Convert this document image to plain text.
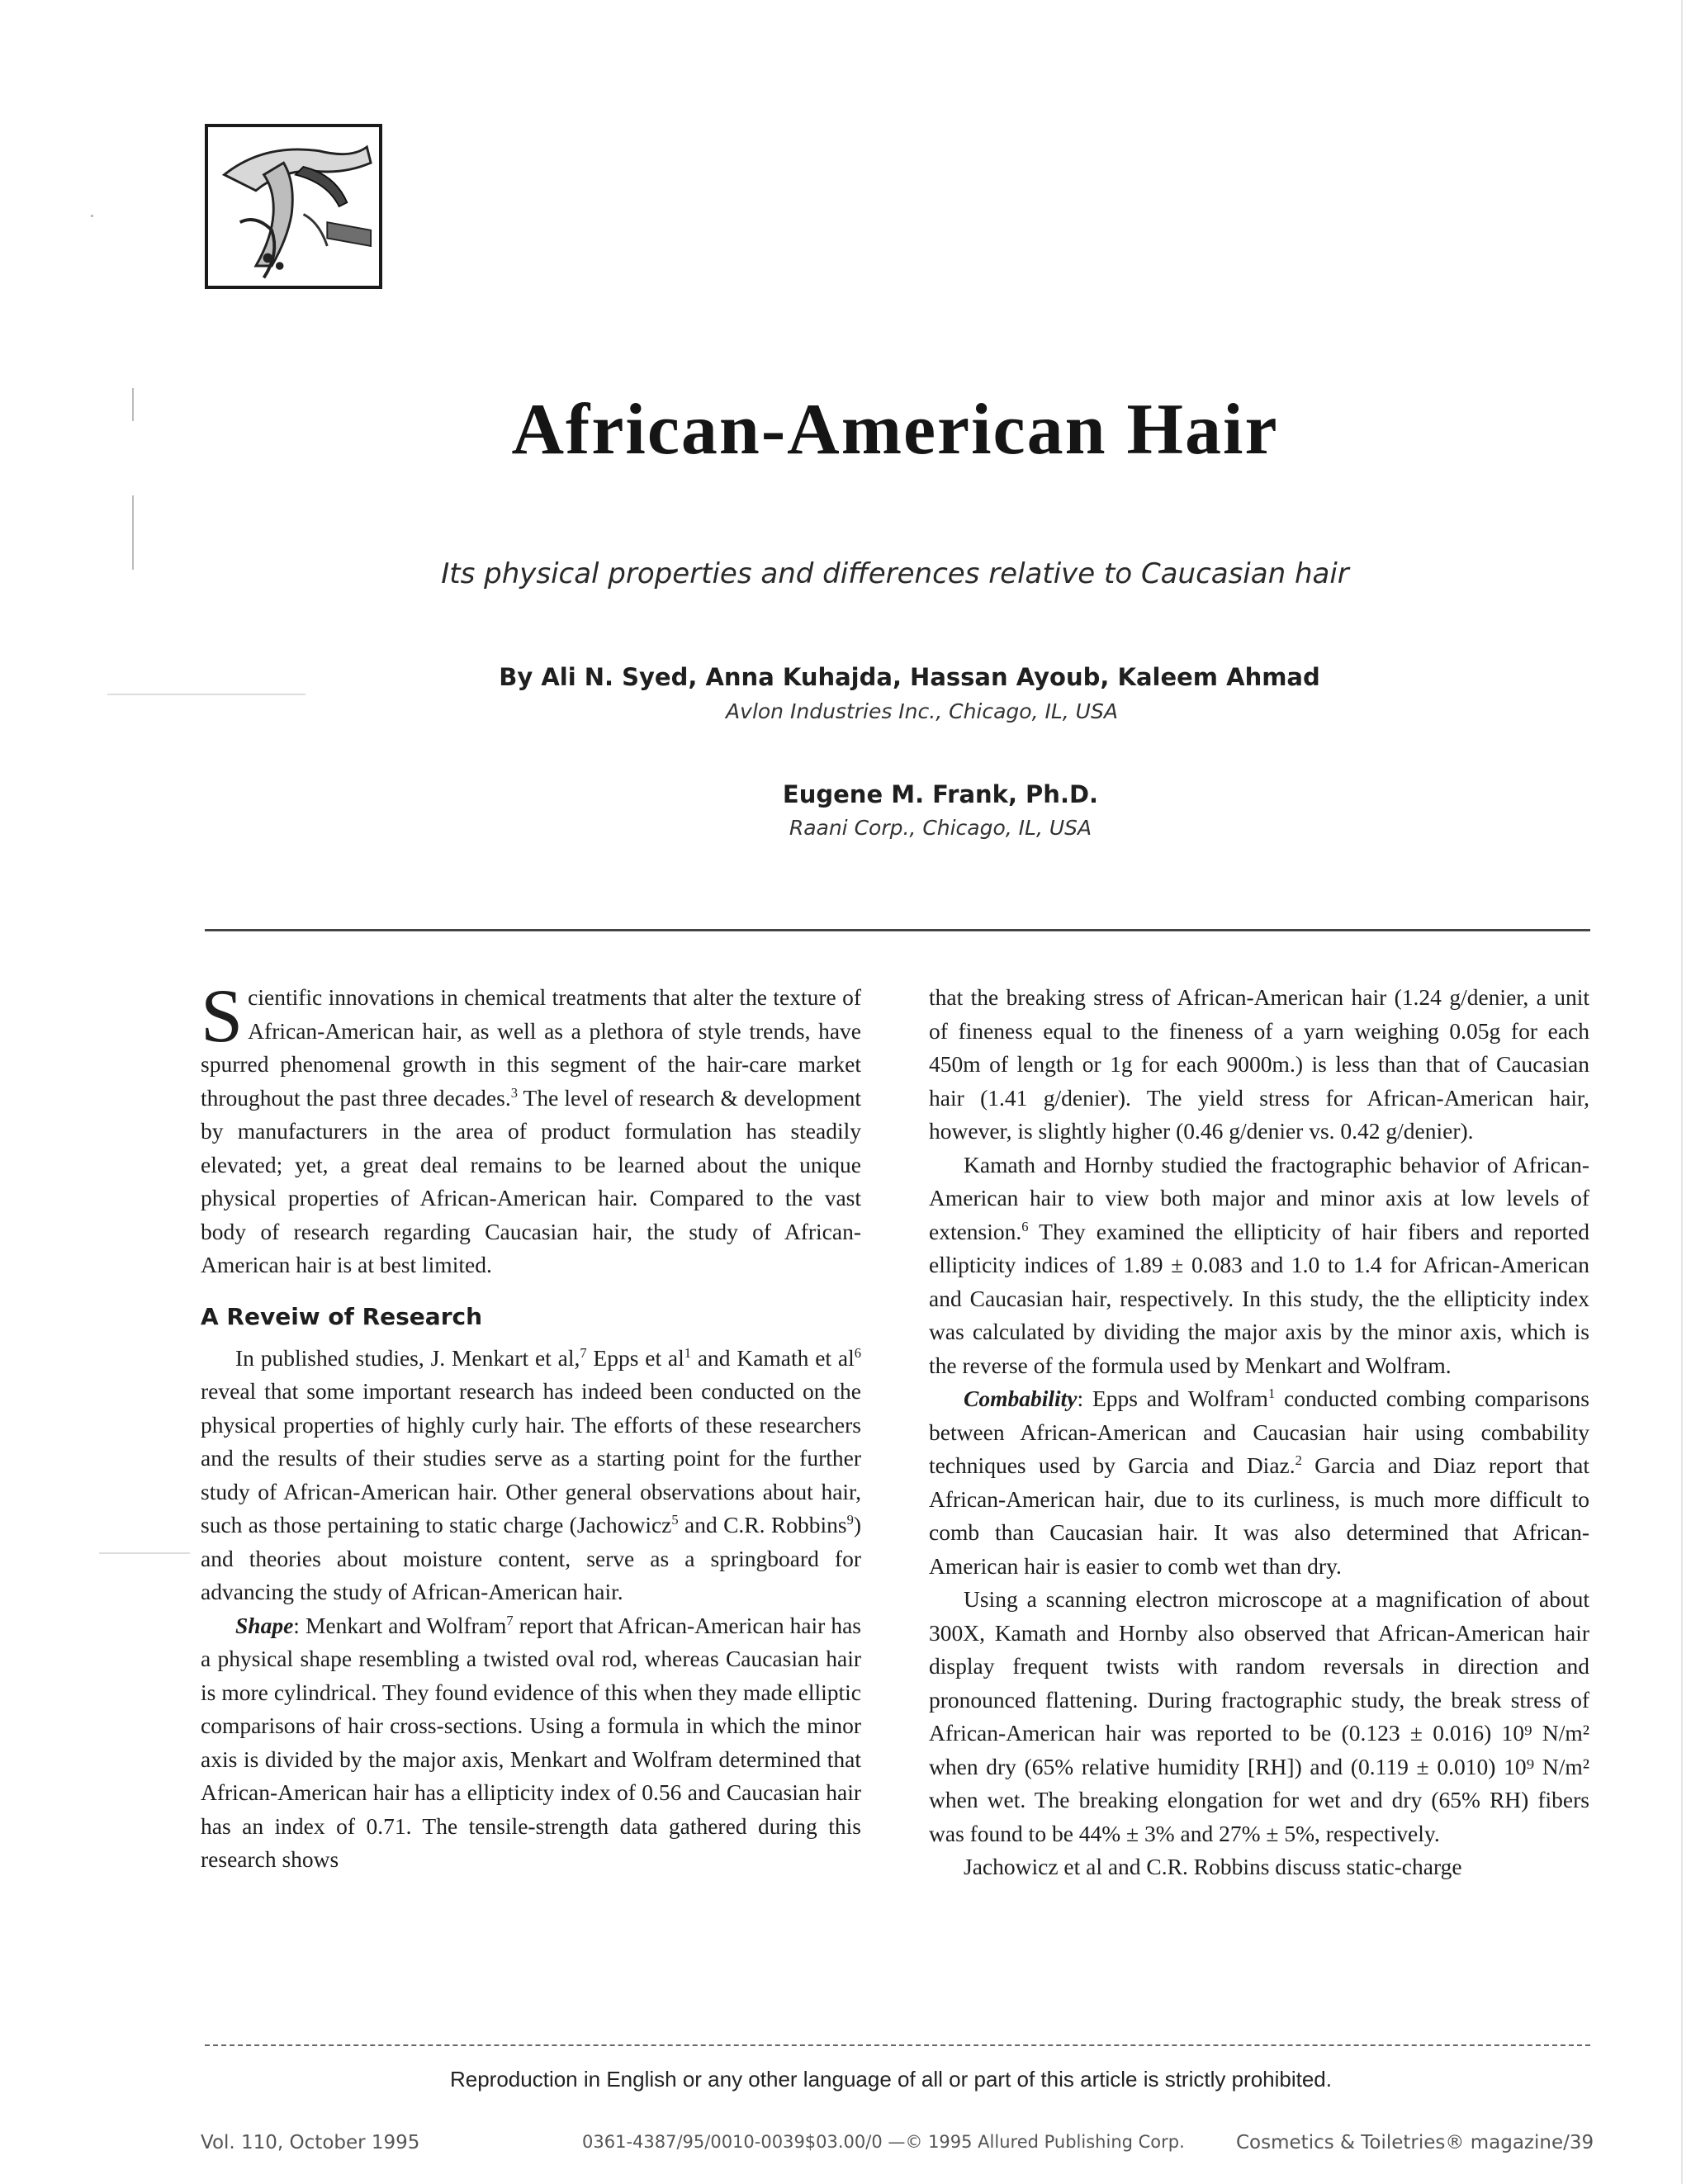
African-American Hair
Its physical properties and differences relative to Caucasian hair
By Ali N. Syed, Anna Kuhajda, Hassan Ayoub, Kaleem Ahmad
Avlon Industries Inc., Chicago, IL, USA
Eugene M. Frank, Ph.D.
Raani Corp., Chicago, IL, USA

Scientific innovations in chemical treatments that alter the texture of African-American hair, as well as a plethora of style trends, have spurred phenomenal growth in this segment of the hair-care market throughout the past three decades.$^3$ The level of research & development by manufacturers in the area of product formulation has steadily elevated; yet, a great deal remains to be learned about the unique physical properties of African-American hair. Compared to the vast body of research regarding Caucasian hair, the study of African-American hair is at best limited.

A Reveiw of Research

In published studies, J. Menkart et al,$^7$ Epps et $al^1$ and Kamath et $al^6$ reveal that some important research has indeed been conducted on the physical properties of highly curly hair. The efforts of these researchers and the results of their studies serve as a starting point for the further study of African-American hair. Other general observations about hair, such as those pertaining to static charge (Jachowicz$^5$ and C.R. Robbins$^9$) and theories about moisture content, serve as a springboard for advancing the study of African-American hair.

Shape: Menkart and Wolfram$^7$ report that African-American hair has a physical shape resembling a twisted oval rod, whereas Caucasian hair is more cylindrical. They found evidence of this when they made elliptic comparisons of hair cross-sections. Using a formula in which the minor axis is divided by the major axis, Menkart and Wolfram determined that African-American hair has a ellipticity index of 0.56 and Caucasian hair has an index of 0.71. The tensile-strength data gathered during this research shows

that the breaking stress of African-American hair (1.24 g/denier, a unit of fineness equal to the fineness of a yarn weighing 0.05g for each 450m of length or 1g for each 9000m.) is less than that of Caucasian hair (1.41 g/denier). The yield stress for African-American hair, however, is slightly higher (0.46 g/denier vs. 0.42 g/denier).

Kamath and Hornby studied the fractographic behavior of African-American hair to view both major and minor axis at low levels of extension.$^6$ They examined the ellipticity of hair fibers and reported ellipticity indices of 1.89 ± 0.083 and 1.0 to 1.4 for African-American and Caucasian hair, respectively. In this study, the the ellipticity index was calculated by dividing the major axis by the minor axis, which is the reverse of the formula used by Menkart and Wolfram.

Combability: Epps and Wolfram$^1$ conducted combing comparisons between African-American and Caucasian hair using combability techniques used by Garcia and Diaz.$^2$ Garcia and Diaz report that African-American hair, due to its curliness, is much more difficult to comb than Caucasian hair. It was also determined that African-American hair is easier to comb wet than dry.

Using a scanning electron microscope at a magnification of about 300X, Kamath and Hornby also observed that African-American hair display frequent twists with random reversals in direction and pronounced flattening. During fractographic study, the break stress of African-American hair was reported to be (0.123 ± 0.016) 10⁹ N/m² when dry (65% relative humidity [RH]) and (0.119 ± 0.010) 10⁹ N/m² when wet. The breaking elongation for wet and dry (65% RH) fibers was found to be 44% ± 3% and 27% ± 5%, respectively.

Jachowicz et al and C.R. Robbins discuss static-charge

Reproduction in English or any other language of all or part of this article is strictly prohibited.
Vol. 110, October 1995	0361-4387/95/0010-0039$03.00/0 —© 1995 Allured Publishing Corp.	Cosmetics & Toiletries® magazine/39
